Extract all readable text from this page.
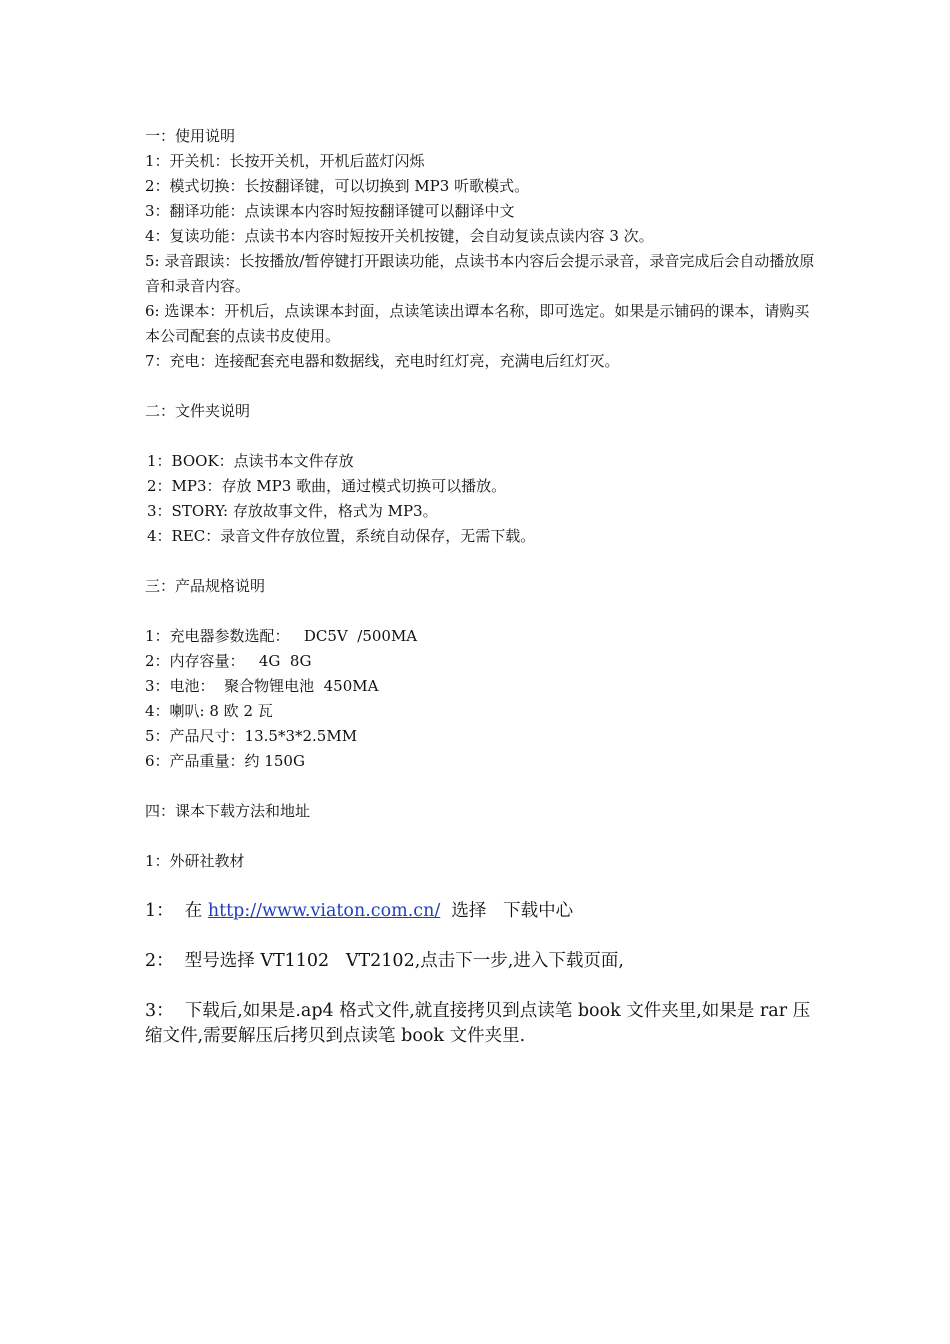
一：使用说明

1：开关机：长按开关机，开机后蓝灯闪烁

2：模式切换：长按翻译键，可以切换到 MP3 听歌模式。

3：翻译功能：点读课本内容时短按翻译键可以翻译中文

4：复读功能：点读书本内容时短按开关机按键，会自动复读点读内容 3 次。

5: 录音跟读：长按播放/暂停键打开跟读功能，点读书本内容后会提示录音，录音完成后会自动播放原音和录音内容。

6: 选课本：开机后，点读课本封面，点读笔读出谭本名称，即可选定。如果是示铺码的课本，请购买本公司配套的点读书皮使用。

7：充电：连接配套充电器和数据线，充电时红灯亮，充满电后红灯灭。

二：文件夹说明

1：BOOK：点读书本文件存放

2：MP3：存放 MP3 歌曲，通过模式切换可以播放。

3：STORY: 存放故事文件，格式为 MP3。

4：REC：录音文件存放位置，系统自动保存，无需下载。

三：产品规格说明

1：充电器参数选配：   DC5V  /500MA

2：内存容量：   4G  8G

3：电池：  聚合物锂电池  450MA

4：喇叭: 8 欧 2 瓦

5：产品尺寸：13.5*3*2.5MM

6：产品重量：约 150G

四：课本下载方法和地址

1：外研社教材

1：  在 http://www.viaton.com.cn/  选择   下载中心

2：  型号选择 VT1102   VT2102,点击下一步,进入下载页面,

3：  下载后,如果是.ap4 格式文件,就直接拷贝到点读笔 book 文件夹里,如果是 rar 压缩文件,需要解压后拷贝到点读笔 book 文件夹里.
